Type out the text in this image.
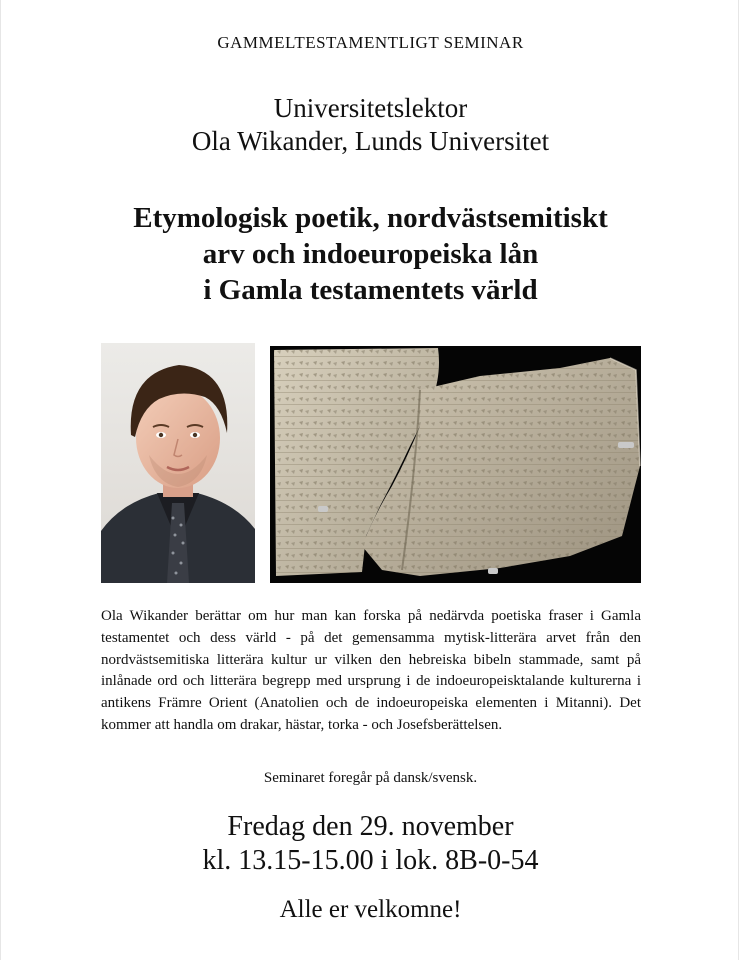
GAMMELTESTAMENTLIGT SEMINAR
Universitetslektor
Ola Wikander, Lunds Universitet
Etymologisk poetik, nordvästsemitiskt
arv och indoeuropeiska lån
i Gamla testamentets värld
Ola Wikander berättar om hur man kan forska på nedärvda poetiska fraser i Gamla testamentet och dess värld - på det gemensamma mytisk-litterära arvet från den nordvästsemitiska litterära kultur ur vilken den hebreiska bibeln stammade, samt på inlånade ord och litterära begrepp med ursprung i de indoeuropeisktalande kulturerna i antikens Främre Orient (Anatolien och de indoeuropeiska elementen i Mitanni). Det kommer att handla om drakar, hästar, torka - och Josefsberättelsen.
Seminaret foregår på dansk/svensk.
Fredag den 29. november
kl. 13.15-15.00 i lok. 8B-0-54
Alle er velkomne!
